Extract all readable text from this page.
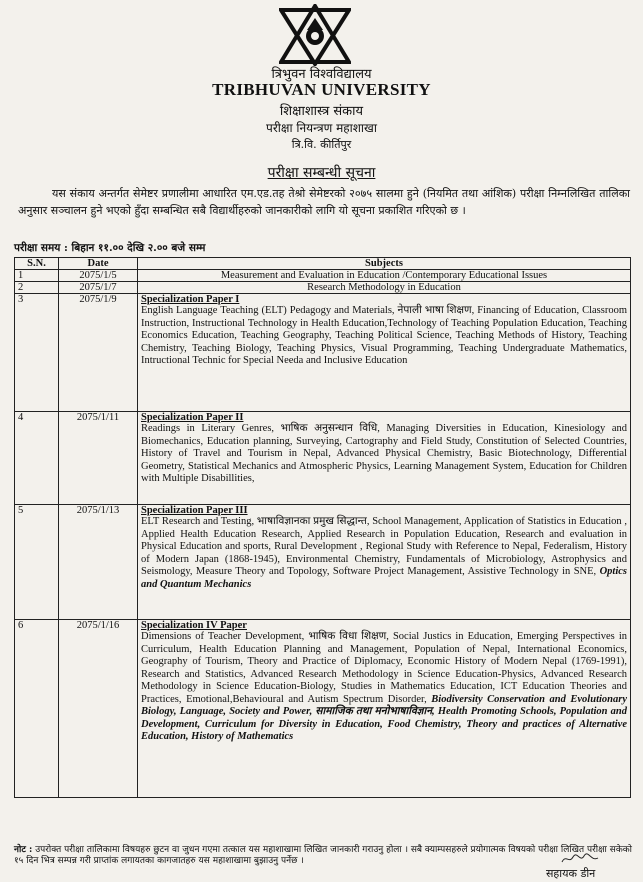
त्रिभुवन विश्वविद्यालय
TRIBHUVAN UNIVERSITY
शिक्षाशास्त्र संकाय
परीक्षा नियन्त्रण महाशाखा
त्रि.वि. कीर्तिपुर
परीक्षा सम्बन्धी सूचना
यस संकाय अन्तर्गत सेमेष्टर प्रणालीमा आधारित एम.एड.तह तेश्रो सेमेष्टरको २०७५ सालमा हुने (नियमित तथा आंशिक) परीक्षा निम्नलिखित तालिका अनुसार सञ्चालन हुने भएको हुँदा सम्बन्धित सबै विद्यार्थीहरुको जानकारीको लागि यो सूचना प्रकाशित गरिएको छ ।
परीक्षा समय : बिहान ११.०० देखि २.०० बजे सम्म
S.N.	Date	Subjects
1	2075/1/5	Measurement and Evaluation in Education /Contemporary Educational Issues
2	2075/1/7	Research Methodology in Education
3	2075/1/9	Specialization Paper I
English Language Teaching (ELT) Pedagogy and Materials, नेपाली भाषा शिक्षण, Financing of Education, Classroom Instruction, Instructional Technology in Health Education,Technology of Teaching Population Education, Teaching Economics Education, Teaching Geography, Teaching Political Science, Teaching Methods of History, Teaching Chemistry, Teaching Biology, Teaching Physics, Visual Programming, Teaching Undergraduate Mathematics, Intructional Technic for Special Needa and Inclusive Education

4	2075/1/11	Specialization Paper II
Readings in Literary Genres, भाषिक अनुसन्धान विधि, Managing Diversities in Education, Kinesiology and Biomechanics, Education planning, Surveying, Cartography and Field Study, Constitution of Selected Countries, History of Travel and Tourism in Nepal, Advanced Physical Chemistry, Basic Biotechnology, Differential Geometry, Statistical Mechanics and Atmospheric Physics, Learning Management System, Education for Children with Multiple Disabillities,

5	2075/1/13	Specialization Paper III
ELT Research and Testing, भाषाविज्ञानका प्रमुख सिद्धान्त, School Management, Application of Statistics in Education , Applied Health Education Research, Applied Research in Population Education, Research and evaluation in Physical Education and sports, Rural Development , Regional Study with Reference to Nepal, Federalism, History of Modern Japan (1868-1945), Environmental Chemistry, Fundamentals of Microbiology, Astrophysics and Seismology, Measure Theory and Topology, Software Project Management, Assistive Technology in SNE, Optics and Quantum Mechanics

6	2075/1/16	Specialization IV Paper
Dimensions of Teacher Development, भाषिक विधा शिक्षण, Social Justics in Education, Emerging Perspectives in Curriculum, Health Education Planning and Management, Population of Nepal, International Economics, Geography of Tourism, Theory and Practice of Diplomacy, Economic History of Modern Nepal (1769-1991), Research and Statistics, Advanced Research Methodology in Science Education-Physics, Advanced Research Methodology in Science Education-Biology, Studies in Mathematics Education, ICT Education Theories and Practices, Emotional,Behavioural and Autism Spectrum Disorder, Biodiversity Conservation and Evolutionary Biology, Language, Society and Power, सामाजिक तथा मनोभाषाविज्ञान, Health Promoting Schools, Population and Development, Curriculum for Diversity in Education, Food Chemistry, Theory and practices of Alternative Education, History of Mathematics
नोट : उपरोक्त परीक्षा तालिकामा विषयहरु छुटन वा जुधन गएमा तत्काल यस महाशाखामा लिखित जानकारी गराउनु होला । सबै क्याम्पसहरुले प्रयोगात्मक विषयको परीक्षा लिखित परीक्षा सकेको १५ दिन भित्र सम्पन्न गरी प्राप्तांक लगायतका कागजातहरु यस महाशाखामा बुझाउनु पर्नेछ ।
सहायक डीन
